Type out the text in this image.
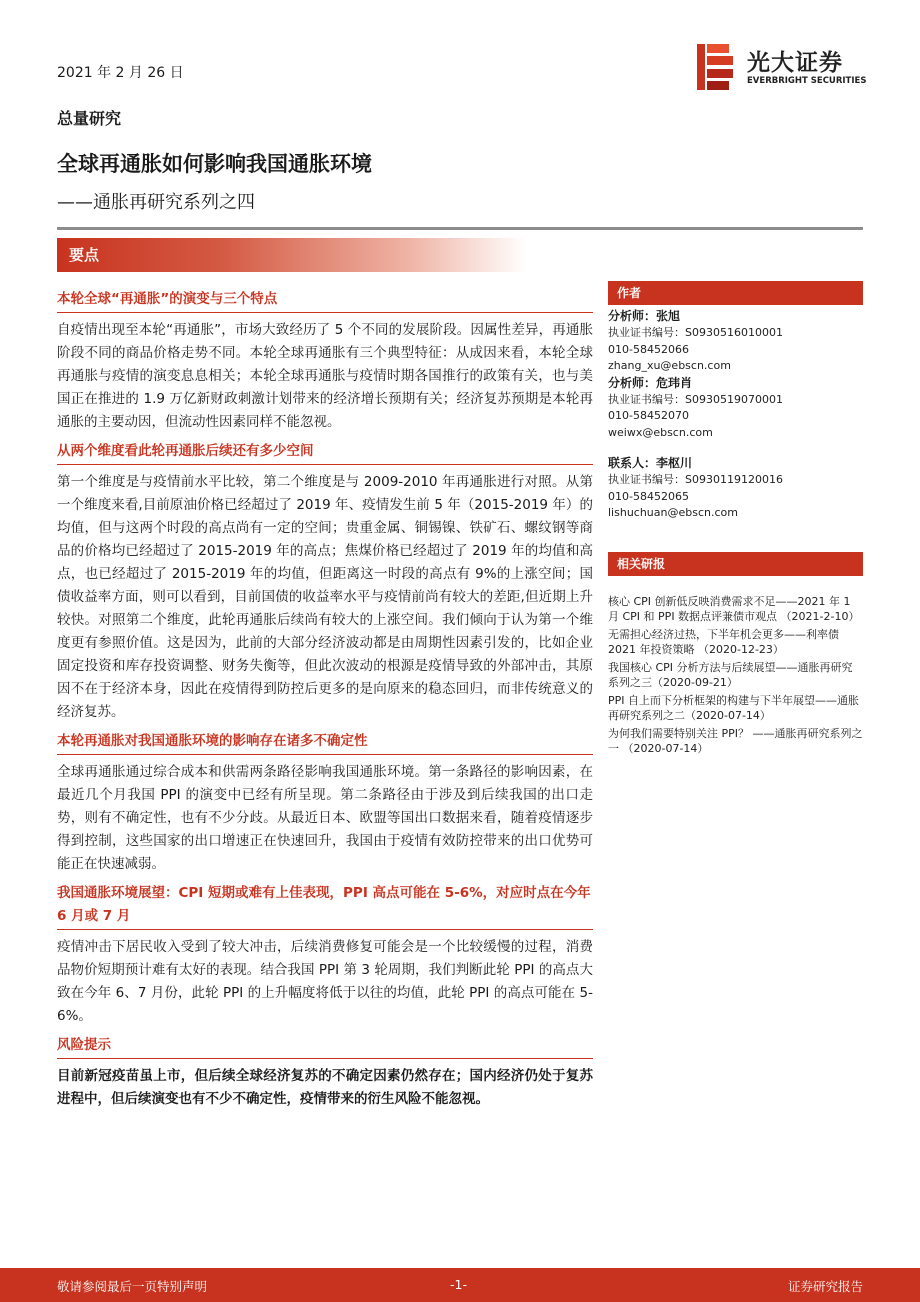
2021 年 2 月 26 日	光大证券
EVERBRIGHT SECURITIES
总量研究
全球再通胀如何影响我国通胀环境
——通胀再研究系列之四
要点
本轮全球“再通胀”的演变与三个特点

自疫情出现至本轮“再通胀”，市场大致经历了 5 个不同的发展阶段。因属性差异，再通胀阶段不同的商品价格走势不同。本轮全球再通胀有三个典型特征：从成因来看，本轮全球再通胀与疫情的演变息息相关；本轮全球再通胀与疫情时期各国推行的政策有关，也与美国正在推进的 1.9 万亿新财政刺激计划带来的经济增长预期有关；经济复苏预期是本轮再通胀的主要动因，但流动性因素同样不能忽视。

从两个维度看此轮再通胀后续还有多少空间

第一个维度是与疫情前水平比较，第二个维度是与 2009-2010 年再通胀进行对照。从第一个维度来看,目前原油价格已经超过了 2019 年、疫情发生前 5 年（2015-2019 年）的均值，但与这两个时段的高点尚有一定的空间；贵重金属、铜锡镍、铁矿石、螺纹钢等商品的价格均已经超过了 2015-2019 年的高点；焦煤价格已经超过了 2019 年的均值和高点，也已经超过了 2015-2019 年的均值，但距离这一时段的高点有 9%的上涨空间；国债收益率方面，则可以看到，目前国债的收益率水平与疫情前尚有较大的差距,但近期上升较快。对照第二个维度，此轮再通胀后续尚有较大的上涨空间。我们倾向于认为第一个维度更有参照价值。这是因为，此前的大部分经济波动都是由周期性因素引发的，比如企业固定投资和库存投资调整、财务失衡等，但此次波动的根源是疫情导致的外部冲击，其原因不在于经济本身，因此在疫情得到防控后更多的是向原来的稳态回归，而非传统意义的经济复苏。

本轮再通胀对我国通胀环境的影响存在诸多不确定性

全球再通胀通过综合成本和供需两条路径影响我国通胀环境。第一条路径的影响因素，在最近几个月我国 PPI 的演变中已经有所呈现。第二条路径由于涉及到后续我国的出口走势，则有不确定性，也有不少分歧。从最近日本、欧盟等国出口数据来看，随着疫情逐步得到控制，这些国家的出口增速正在快速回升，我国由于疫情有效防控带来的出口优势可能正在快速减弱。

我国通胀环境展望：CPI 短期或难有上佳表现，PPI 高点可能在 5-6%，对应时点在今年 6 月或 7 月

疫情冲击下居民收入受到了较大冲击，后续消费修复可能会是一个比较缓慢的过程，消费品物价短期预计难有太好的表现。结合我国 PPI 第 3 轮周期，我们判断此轮 PPI 的高点大致在今年 6、7 月份，此轮 PPI 的上升幅度将低于以往的均值，此轮 PPI 的高点可能在 5-6%。

风险提示

目前新冠疫苗虽上市，但后续全球经济复苏的不确定因素仍然存在；国内经济仍处于复苏进程中，但后续演变也有不少不确定性，疫情带来的衍生风险不能忽视。

作者
分析师：张旭
执业证书编号：S0930516010001
010-58452066
zhang_xu@ebscn.com
分析师：危玮肖
执业证书编号：S0930519070001
010-58452070
weiwx@ebscn.com
联系人：李枢川
执业证书编号：S0930119120016
010-58452065
lishuchuan@ebscn.com
相关研报
核心 CPI 创新低反映消费需求不足——2021 年 1 月 CPI 和 PPI 数据点评兼债市观点 （2021-2-10）
无需担心经济过热，下半年机会更多——利率债 2021 年投资策略 （2020-12-23）
我国核心 CPI 分析方法与后续展望——通胀再研究系列之三（2020-09-21）
PPI 自上而下分析框架的构建与下半年展望——通胀再研究系列之二（2020-07-14）
为何我们需要特别关注 PPI？ ——通胀再研究系列之一 （2020-07-14）
敬请参阅最后一页特别声明	-1-	证券研究报告
